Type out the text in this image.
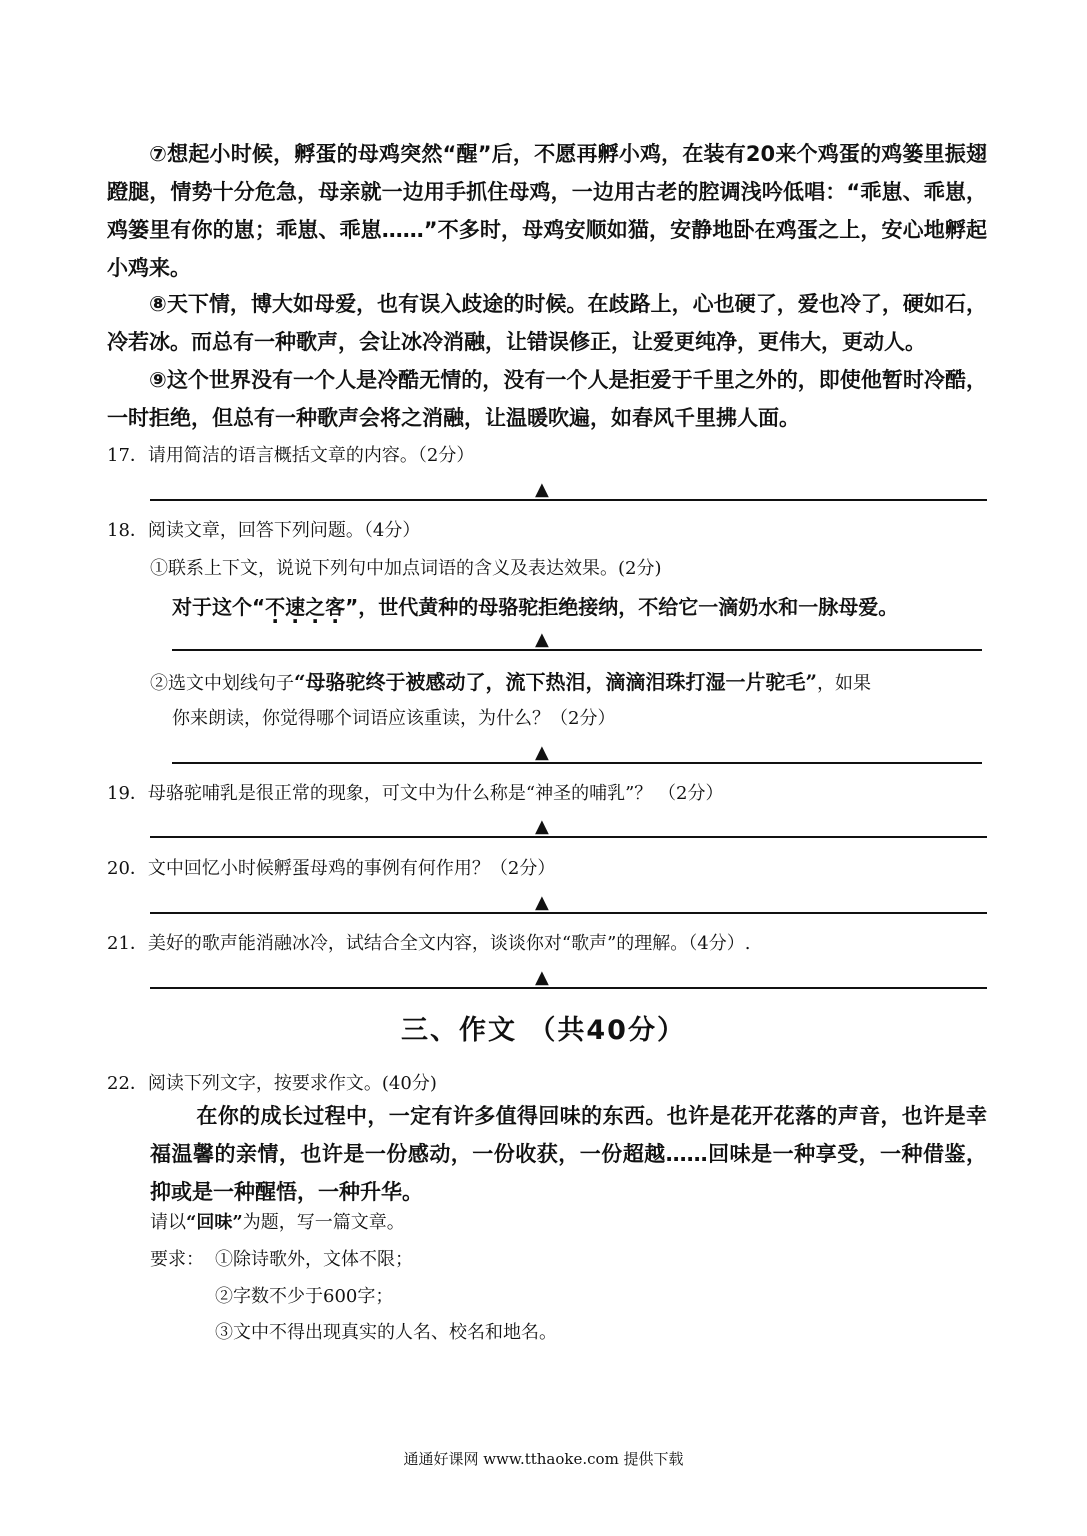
⑦想起小时候，孵蛋的母鸡突然“醒”后，不愿再孵小鸡，在装有20来个鸡蛋的鸡篓里振翅蹬腿，情势十分危急，母亲就一边用手抓住母鸡，一边用古老的腔调浅吟低唱：“乖崽、乖崽，鸡篓里有你的崽；乖崽、乖崽……”不多时，母鸡安顺如猫，安静地卧在鸡蛋之上，安心地孵起小鸡来。
⑧天下情，博大如母爱，也有误入歧途的时候。在歧路上，心也硬了，爱也冷了，硬如石，冷若冰。而总有一种歌声，会让冰冷消融，让错误修正，让爱更纯净，更伟大，更动人。
⑨这个世界没有一个人是冷酷无情的，没有一个人是拒爱于千里之外的，即使他暂时冷酷，一时拒绝，但总有一种歌声会将之消融，让温暖吹遍，如春风千里拂人面。
17．请用简洁的语言概括文章的内容。（2分）
▲
18．阅读文章，回答下列问题。（4分）
①联系上下文，说说下列句中加点词语的含义及表达效果。(2分)
对于这个“不速之客”，世代黄种的母骆驼拒绝接纳，不给它一滴奶水和一脉母爱。
▲
②选文中划线句子“母骆驼终于被感动了，流下热泪，滴滴泪珠打湿一片驼毛”，如果
你来朗读，你觉得哪个词语应该重读，为什么？（2分）
▲
19．母骆驼哺乳是很正常的现象，可文中为什么称是“神圣的哺乳”？ （2分）
▲
20．文中回忆小时候孵蛋母鸡的事例有何作用？（2分）
▲
21．美好的歌声能消融冰冷，试结合全文内容，谈谈你对“歌声”的理解。（4分）.
▲
三、作文 （共40分）
22．阅读下列文字，按要求作文。(40分)
在你的成长过程中，一定有许多值得回味的东西。也许是花开花落的声音，也许是幸福温馨的亲情，也许是一份感动，一份收获，一份超越……回味是一种享受，一种借鉴，抑或是一种醒悟，一种升华。
请以“回味”为题，写一篇文章。
要求： ①除诗歌外，文体不限；
②字数不少于600字；
③文中不得出现真实的人名、校名和地名。
通通好课网 www.tthaoke.com 提供下载
